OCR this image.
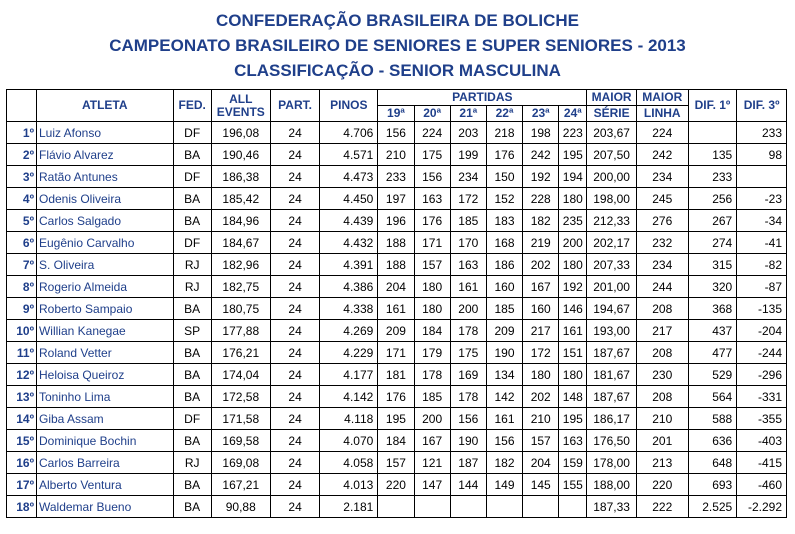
CONFEDERAÇÃO BRASILEIRA DE BOLICHE
CAMPEONATO BRASILEIRO DE SENIORES E SUPER SENIORES - 2013
CLASSIFICAÇÃO - SENIOR MASCULINA
	ATLETA	FED.	ALL
EVENTS	PART.	PINOS	PARTIDAS						MAIOR	MAIOR	DIF. 1º	DIF. 3º
						19ª	20ª	21ª	22ª	23ª	24ª	SÉRIE	LINHA		
1º	Luiz Afonso	DF	196,08	24	4.706	156	224	203	218	198	223	203,67	224		233
2º	Flávio Alvarez	BA	190,46	24	4.571	210	175	199	176	242	195	207,50	242	135	98
3º	Ratão Antunes	DF	186,38	24	4.473	233	156	234	150	192	194	200,00	234	233	
4º	Odenis Oliveira	BA	185,42	24	4.450	197	163	172	152	228	180	198,00	245	256	-23
5º	Carlos Salgado	BA	184,96	24	4.439	196	176	185	183	182	235	212,33	276	267	-34
6º	Eugênio Carvalho	DF	184,67	24	4.432	188	171	170	168	219	200	202,17	232	274	-41
7º	S. Oliveira	RJ	182,96	24	4.391	188	157	163	186	202	180	207,33	234	315	-82
8º	Rogerio Almeida	RJ	182,75	24	4.386	204	180	161	160	167	192	201,00	244	320	-87
9º	Roberto Sampaio	BA	180,75	24	4.338	161	180	200	185	160	146	194,67	208	368	-135
10º	Willian Kanegae	SP	177,88	24	4.269	209	184	178	209	217	161	193,00	217	437	-204
11º	Roland Vetter	BA	176,21	24	4.229	171	179	175	190	172	151	187,67	208	477	-244
12º	Heloisa Queiroz	BA	174,04	24	4.177	181	178	169	134	180	180	181,67	230	529	-296
13º	Toninho Lima	BA	172,58	24	4.142	176	185	178	142	202	148	187,67	208	564	-331
14º	Giba Assam	DF	171,58	24	4.118	195	200	156	161	210	195	186,17	210	588	-355
15º	Dominique Bochin	BA	169,58	24	4.070	184	167	190	156	157	163	176,50	201	636	-403
16º	Carlos Barreira	RJ	169,08	24	4.058	157	121	187	182	204	159	178,00	213	648	-415
17º	Alberto Ventura	BA	167,21	24	4.013	220	147	144	149	145	155	188,00	220	693	-460
18º	Waldemar Bueno	BA	90,88	24	2.181							187,33	222	2.525	-2.292
